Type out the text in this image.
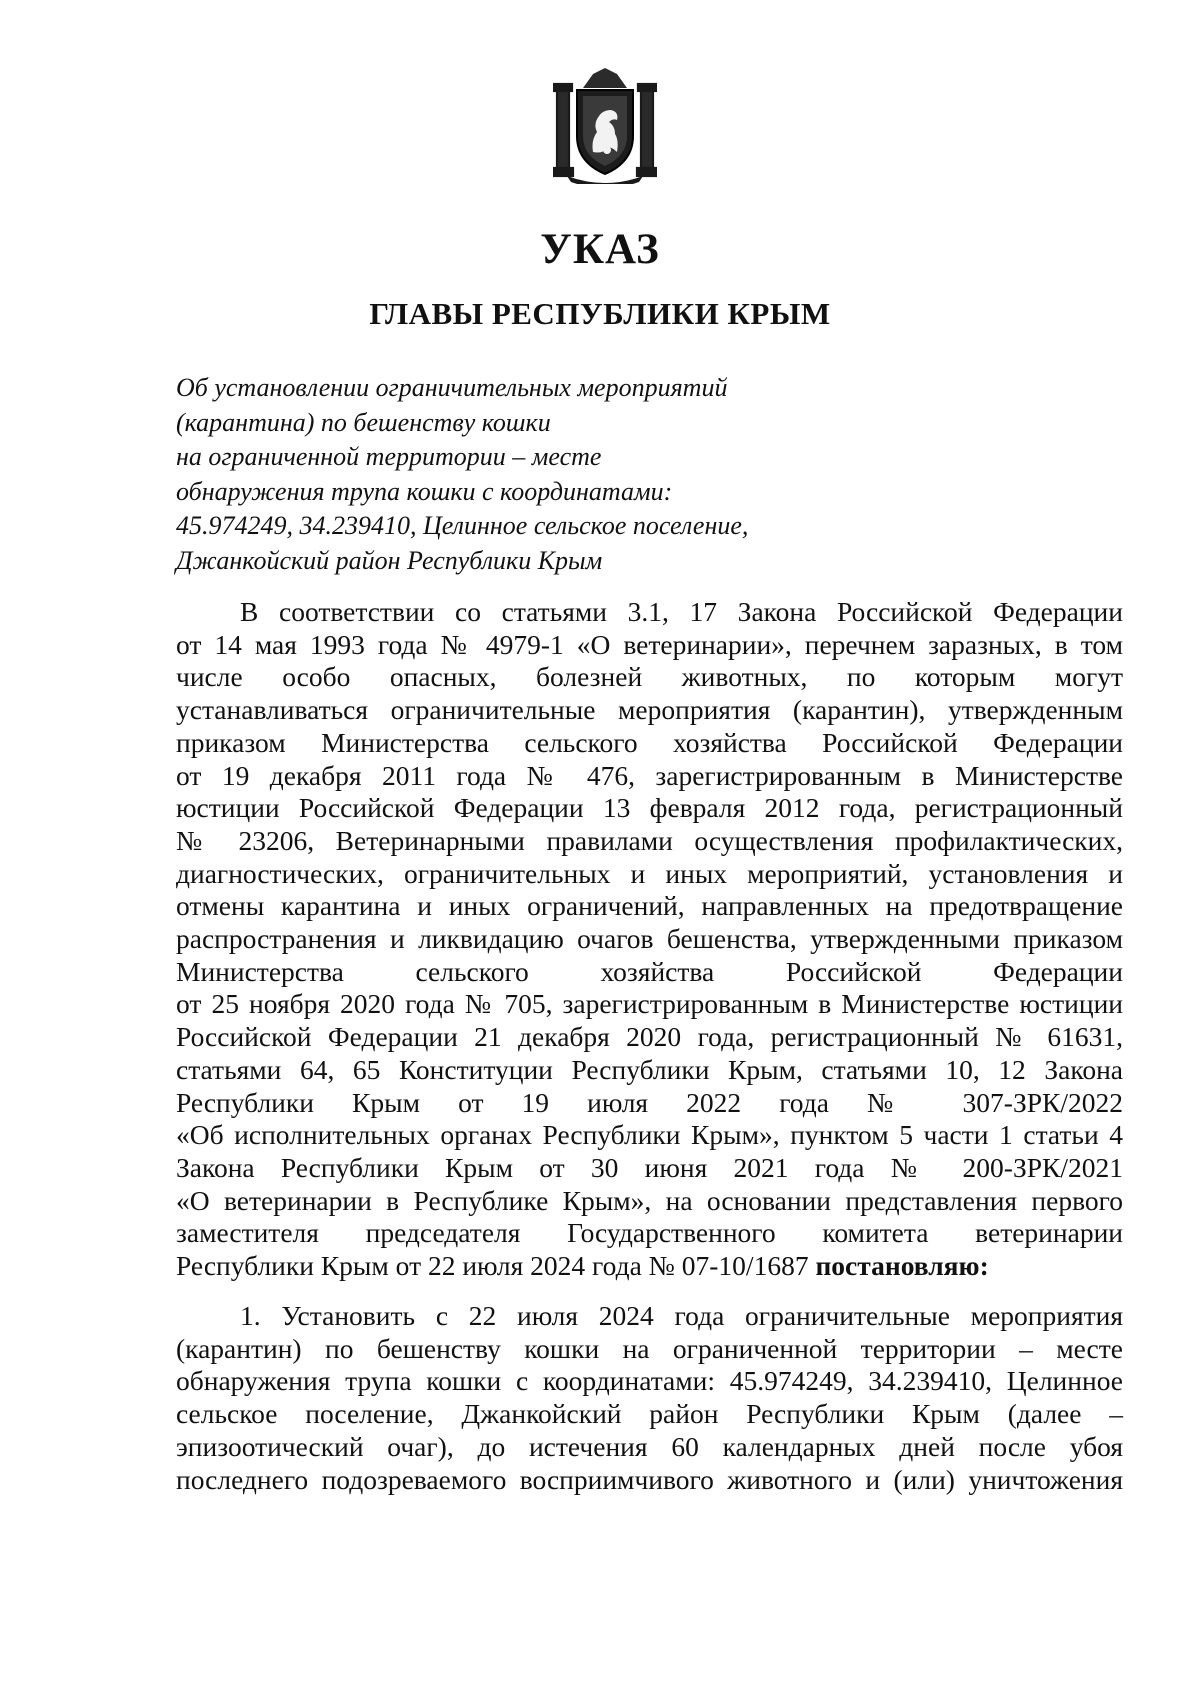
УКАЗ
ГЛАВЫ РЕСПУБЛИКИ КРЫМ
Об установлении ограничительных мероприятий
(карантина) по бешенству кошки
на ограниченной территории – месте
обнаружения трупа кошки с координатами:
45.974249, 34.239410, Целинное сельское поселение,
Джанкойский район Республики Крым
В соответствии со статьями 3.1, 17 Закона Российской Федерации
от 14 мая 1993 года № 4979-1 «О ветеринарии», перечнем заразных, в том
числе особо опасных, болезней животных, по которым могут
устанавливаться ограничительные мероприятия (карантин), утвержденным
приказом Министерства сельского хозяйства Российской Федерации
от 19 декабря 2011 года № 476, зарегистрированным в Министерстве
юстиции Российской Федерации 13 февраля 2012 года, регистрационный
№ 23206, Ветеринарными правилами осуществления профилактических,
диагностических, ограничительных и иных мероприятий, установления и
отмены карантина и иных ограничений, направленных на предотвращение
распространения и ликвидацию очагов бешенства, утвержденными приказом
Министерства сельского хозяйства Российской Федерации
от 25 ноября 2020 года № 705, зарегистрированным в Министерстве юстиции
Российской Федерации 21 декабря 2020 года, регистрационный № 61631,
статьями 64, 65 Конституции Республики Крым, статьями 10, 12 Закона
Республики Крым от 19 июля 2022 года № 307-ЗРК/2022
«Об исполнительных органах Республики Крым», пунктом 5 части 1 статьи 4
Закона Республики Крым от 30 июня 2021 года № 200-ЗРК/2021
«О ветеринарии в Республике Крым», на основании представления первого
заместителя председателя Государственного комитета ветеринарии
Республики Крым от 22 июля 2024 года № 07-10/1687 постановляю:
1. Установить с 22 июля 2024 года ограничительные мероприятия
(карантин) по бешенству кошки на ограниченной территории – месте
обнаружения трупа кошки с координатами: 45.974249, 34.239410, Целинное
сельское поселение, Джанкойский район Республики Крым (далее –
эпизоотический очаг), до истечения 60 календарных дней после убоя
последнего подозреваемого восприимчивого животного и (или) уничтожения
